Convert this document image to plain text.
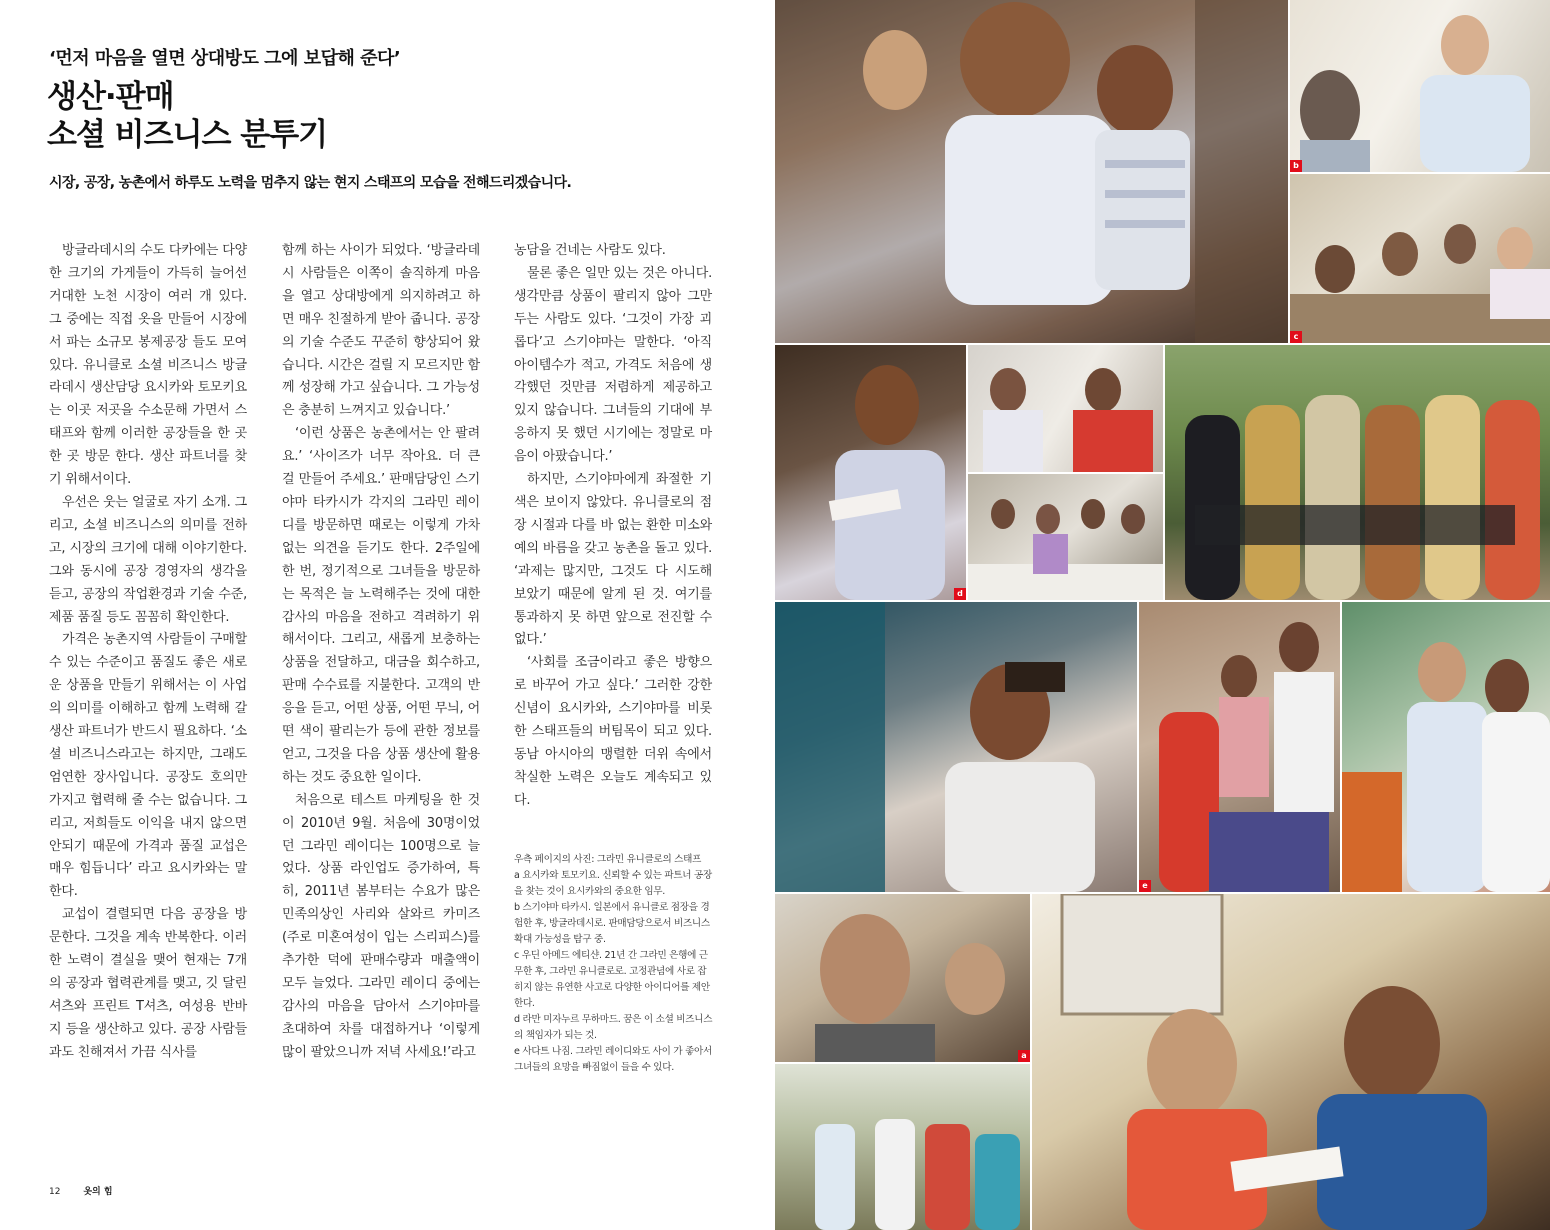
‘먼저 마음을 열면 상대방도 그에 보답해 준다’
생산·판매
소셜 비즈니스 분투기
시장, 공장, 농촌에서 하루도 노력을 멈추지 않는 현지 스태프의 모습을 전해드리겠습니다.

방글라데시의 수도 다카에는 다양한 크기의 가게들이 가득히 늘어선 거대한 노천 시장이 여러 개 있다. 그 중에는 직접 옷을 만들어 시장에서 파는 소규모 봉제공장 들도 모여 있다. 유니클로 소셜 비즈니스 방글라데시 생산담당 요시카와 토모키요는 이곳 저곳을 수소문해 가면서 스태프와 함께 이러한 공장들을 한 곳 한 곳 방문 한다. 생산 파트너를 찾기 위해서이다.

우선은 웃는 얼굴로 자기 소개. 그리고, 소셜 비즈니스의 의미를 전하고, 시장의 크기에 대해 이야기한다. 그와 동시에 공장 경영자의 생각을 듣고, 공장의 작업환경과 기술 수준, 제품 품질 등도 꼼꼼히 확인한다.

가격은 농촌지역 사람들이 구매할 수 있는 수준이고 품질도 좋은 새로운 상품을 만들기 위해서는 이 사업의 의미를 이해하고 함께 노력해 갈 생산 파트너가 반드시 필요하다. ‘소셜 비즈니스라고는 하지만, 그래도 엄연한 장사입니다. 공장도 호의만 가지고 협력해 줄 수는 없습니다. 그리고, 저희들도 이익을 내지 않으면 안되기 때문에 가격과 품질 교섭은 매우 힘듭니다’ 라고 요시카와는 말한다.

교섭이 결렬되면 다음 공장을 방문한다. 그것을 계속 반복한다. 이러한 노력이 결실을 맺어 현재는 7개의 공장과 협력관계를 맺고, 깃 달린 셔츠와 프린트 T셔츠, 여성용 반바지 등을 생산하고 있다. 공장 사람들과도 친해져서 가끔 식사를

함께 하는 사이가 되었다. ‘방글라데시 사람들은 이쪽이 솔직하게 마음을 열고 상대방에게 의지하려고 하면 매우 친절하게 받아 줍니다. 공장의 기술 수준도 꾸준히 향상되어 왔습니다. 시간은 걸릴 지 모르지만 함께 성장해 가고 싶습니다. 그 가능성은 충분히 느껴지고 있습니다.’

‘이런 상품은 농촌에서는 안 팔려요.’ ‘사이즈가 너무 작아요. 더 큰 걸 만들어 주세요.’ 판매담당인 스기야마 타카시가 각지의 그라민 레이디를 방문하면 때로는 이렇게 가차없는 의견을 듣기도 한다. 2주일에 한 번, 정기적으로 그녀들을 방문하는 목적은 늘 노력해주는 것에 대한 감사의 마음을 전하고 격려하기 위해서이다. 그리고, 새롭게 보충하는 상품을 전달하고, 대금을 회수하고, 판매 수수료를 지불한다. 고객의 반응을 듣고, 어떤 상품, 어떤 무늬, 어떤 색이 팔리는가 등에 관한 정보를 얻고, 그것을 다음 상품 생산에 활용하는 것도 중요한 일이다.

처음으로 테스트 마케팅을 한 것이 2010년 9월. 처음에 30명이었던 그라민 레이디는 100명으로 늘었다. 상품 라인업도 증가하여, 특히, 2011년 봄부터는 수요가 많은 민족의상인 사리와 살와르 카미즈(주로 미혼여성이 입는 스리피스)를 추가한 덕에 판매수량과 매출액이 모두 늘었다. 그라민 레이디 중에는 감사의 마음을 담아서 스기야마를 초대하여 차를 대접하거나 ‘이렇게 많이 팔았으니까 저녁 사세요!’라고

농담을 건네는 사람도 있다.

물론 좋은 일만 있는 것은 아니다. 생각만큼 상품이 팔리지 않아 그만 두는 사람도 있다. ‘그것이 가장 괴롭다’고 스기야마는 말한다. ‘아직 아이템수가 적고, 가격도 처음에 생각했던 것만큼 저렴하게 제공하고 있지 않습니다. 그녀들의 기대에 부응하지 못 했던 시기에는 정말로 마음이 아팠습니다.’

하지만, 스기야마에게 좌절한 기색은 보이지 않았다. 유니클로의 점장 시절과 다를 바 없는 환한 미소와 예의 바름을 갖고 농촌을 돌고 있다. ‘과제는 많지만, 그것도 다 시도해 보았기 때문에 알게 된 것. 여기를 통과하지 못 하면 앞으로 전진할 수 없다.’

‘사회를 조금이라고 좋은 방향으로 바꾸어 가고 싶다.’ 그러한 강한 신념이 요시카와, 스기야마를 비롯한 스태프들의 버팀목이 되고 있다. 동남 아시아의 맹렬한 더위 속에서 착실한 노력은 오늘도 계속되고 있다.

우측 페이지의 사진: 그라민 유니클로의 스태프
a 요시카와 토모키요. 신뢰할 수 있는 파트너 공장을 찾는 것이 요시카와의 중요한 임무.
b 스기야마 타카시. 일본에서 유니클로 점장을 경험한 후, 방글라데시로. 판매담당으로서 비즈니스 확대 가능성을 탐구 중.
c 우딘 아메드 에티샨. 21년 간 그라민 은행에 근무한 후, 그라민 유니클로로. 고정관념에 사로 잡히지 않는 유연한 사고로 다양한 아이디어를 제안한다.
d 라만 미자누르 무하마드. 꿈은 이 소셜 비즈니스의 책임자가 되는 것.
e 사다트 나짐. 그라민 레이디와도 사이 가 좋아서 그녀들의 요망을 빠짐없이 들을 수 있다.
12	옷의 힘
b
c
d
e
a
